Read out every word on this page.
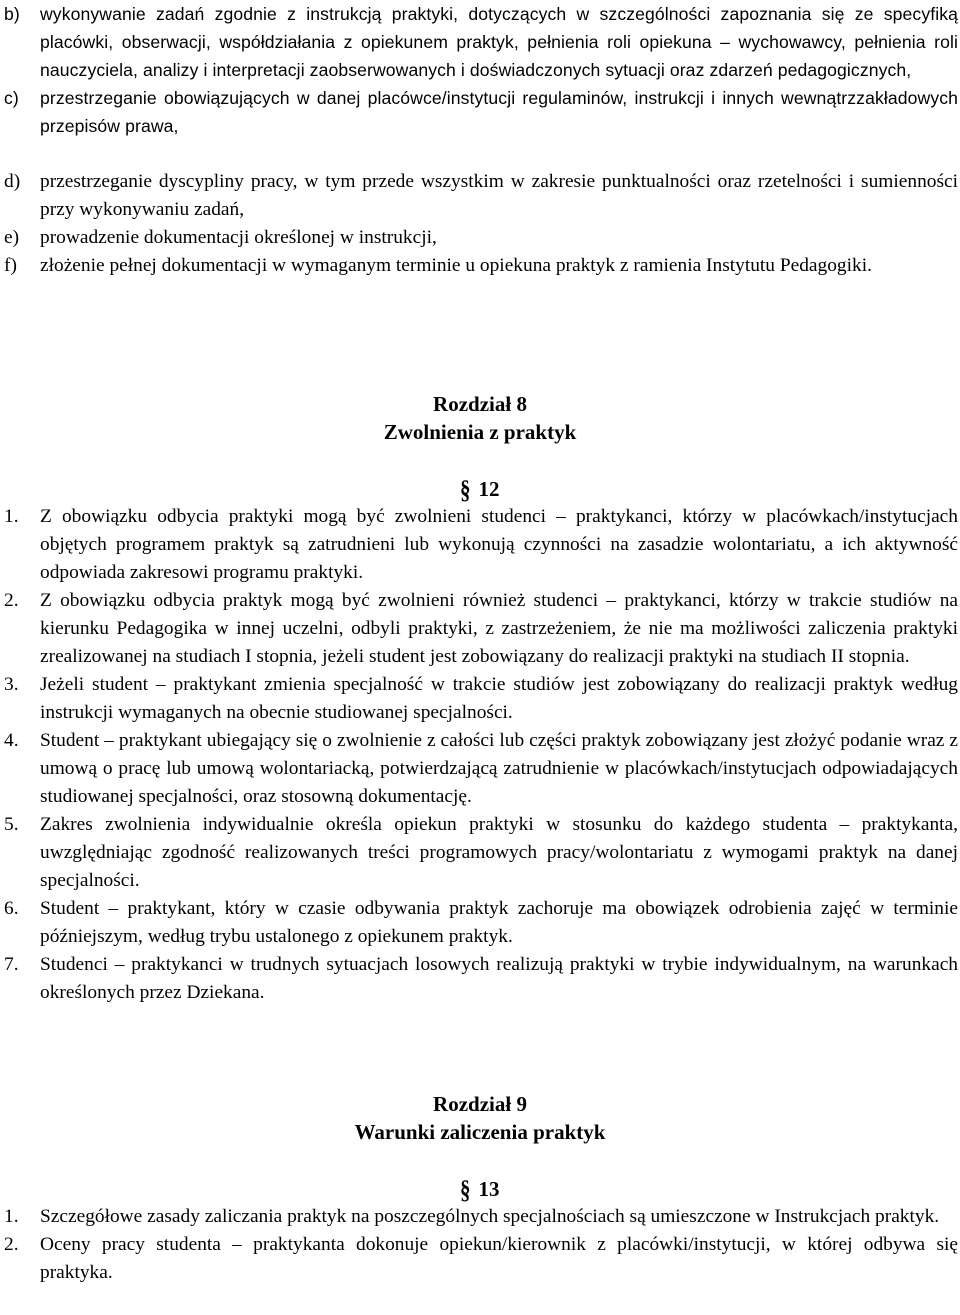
b) wykonywanie zadań zgodnie z instrukcją praktyki, dotyczących w szczególności zapoznania się ze specyfiką placówki, obserwacji, współdziałania z opiekunem praktyk, pełnienia roli opiekuna – wychowawcy, pełnienia roli nauczyciela, analizy i interpretacji zaobserwowanych i doświadczonych sytuacji oraz zdarzeń pedagogicznych,
c) przestrzeganie obowiązujących w danej placówce/instytucji regulaminów, instrukcji i innych wewnątrzzakładowych przepisów prawa,
d) przestrzeganie dyscypliny pracy, w tym przede wszystkim w zakresie punktualności oraz rzetelności i sumienności przy wykonywaniu zadań,
e) prowadzenie dokumentacji określonej w instrukcji,
f) złożenie pełnej dokumentacji w wymaganym terminie u opiekuna praktyk z ramienia Instytutu Pedagogiki.
Rozdział 8
Zwolnienia z praktyk
§ 12
1. Z obowiązku odbycia praktyki mogą być zwolnieni studenci – praktykanci, którzy w placówkach/instytucjach objętych programem praktyk są zatrudnieni lub wykonują czynności na zasadzie wolontariatu, a ich aktywność odpowiada zakresowi programu praktyki.
2. Z obowiązku odbycia praktyk mogą być zwolnieni również studenci – praktykanci, którzy w trakcie studiów na kierunku Pedagogika w innej uczelni, odbyli praktyki, z zastrzeżeniem, że nie ma możliwości zaliczenia praktyki zrealizowanej na studiach I stopnia, jeżeli student jest zobowiązany do realizacji praktyki na studiach II stopnia.
3. Jeżeli student – praktykant zmienia specjalność w trakcie studiów jest zobowiązany do realizacji praktyk według instrukcji wymaganych na obecnie studiowanej specjalności.
4. Student – praktykant ubiegający się o zwolnienie z całości lub części praktyk zobowiązany jest złożyć podanie wraz z umową o pracę lub umową wolontariacką, potwierdzającą zatrudnienie w placówkach/instytucjach odpowiadających studiowanej specjalności, oraz stosowną dokumentację.
5. Zakres zwolnienia indywidualnie określa opiekun praktyki w stosunku do każdego studenta – praktykanta, uwzględniając zgodność realizowanych treści programowych pracy/wolontariatu z wymogami praktyk na danej specjalności.
6. Student – praktykant, który w czasie odbywania praktyk zachoruje ma obowiązek odrobienia zajęć w terminie późniejszym, według trybu ustalonego z opiekunem praktyk.
7. Studenci – praktykanci w trudnych sytuacjach losowych realizują praktyki w trybie indywidualnym, na warunkach określonych przez Dziekana.
Rozdział 9
Warunki zaliczenia praktyk
§ 13
1. Szczegółowe zasady zaliczania praktyk na poszczególnych specjalnościach są umieszczone w Instrukcjach praktyk.
2. Oceny pracy studenta – praktykanta dokonuje opiekun/kierownik z placówki/instytucji, w której odbywa się praktyka.
